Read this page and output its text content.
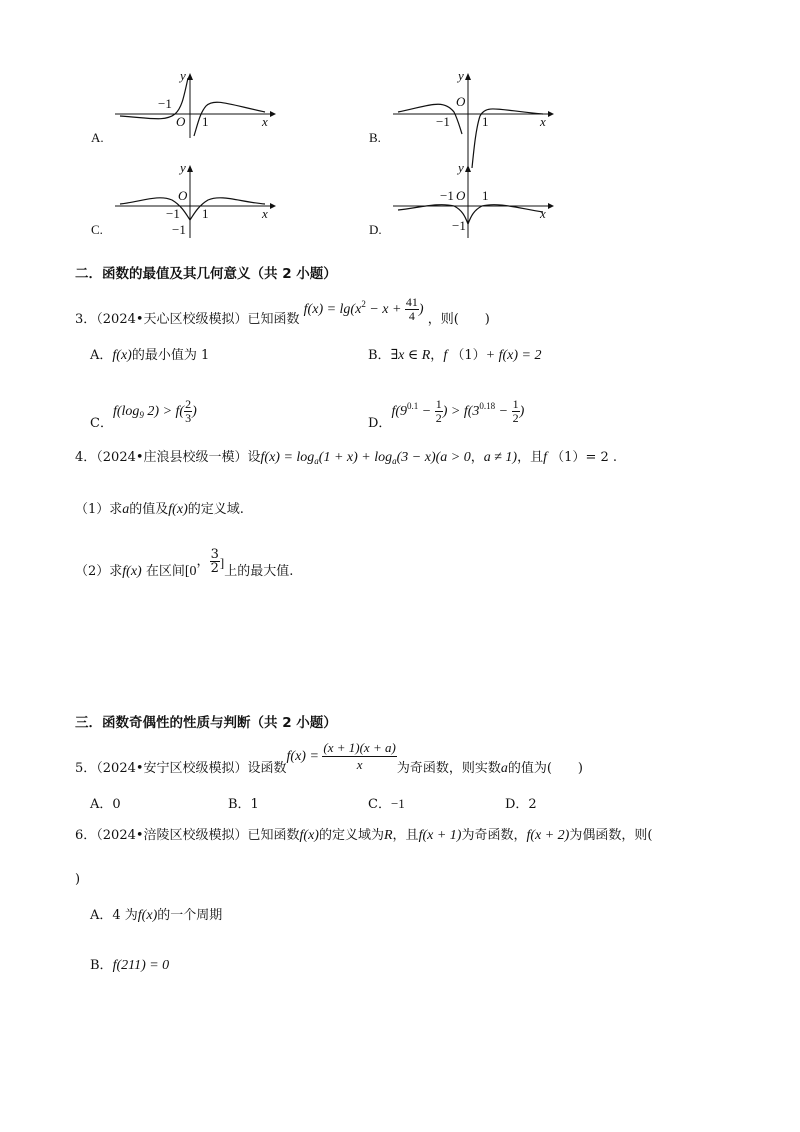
A.
y
x
O
−1
1
B.
y
x
O
−1 1
C.
y
x
O
−1 1
−1	D.
y
x
O
−1 1
−1
二．函数的最值及其几何意义（共 2 小题）
3．（2024•天心区校级模拟）已知函数 $f(x) = \lg(x^2 - x + \frac{41}{4}$ ) ，则(　　)
A．f(x)的最小值为 1	B．∃x ∈ R，f （1）+ f(x) = 2
C．$f(\log_9$ $2) > f( \frac{2}{3}$ )
D．$f(9^{0.1} - \frac{1}{2}$ ) > $f(3^{0.18} - \frac{1}{2}$ )
4．（2024•庄浪县校级一模）设$f(x) = \log_a(1 + x) + \log_a(3 - x)(a > 0$，a ≠ 1)，且f （1）= 2 .
（1）求a的值及f(x)的定义域.
（2）求f(x) 在区间[0， $\frac{3}{2}$ ]上的最大值.
三．函数奇偶性的性质与判断（共 2 小题）
5．（2024•安宁区校级模拟）设函数$f(x) = \frac{(x + 1)(x + a)}{x}$ 为奇函数，则实数a的值为(　　)
A．0	B．1	C．−1	D．2
6．（2024•涪陵区校级模拟）已知函数f(x)的定义域为R，且f(x + 1)为奇函数，f(x + 2)为偶函数，则(
)
A．4 为f(x)的一个周期
B．f(211) = 0
